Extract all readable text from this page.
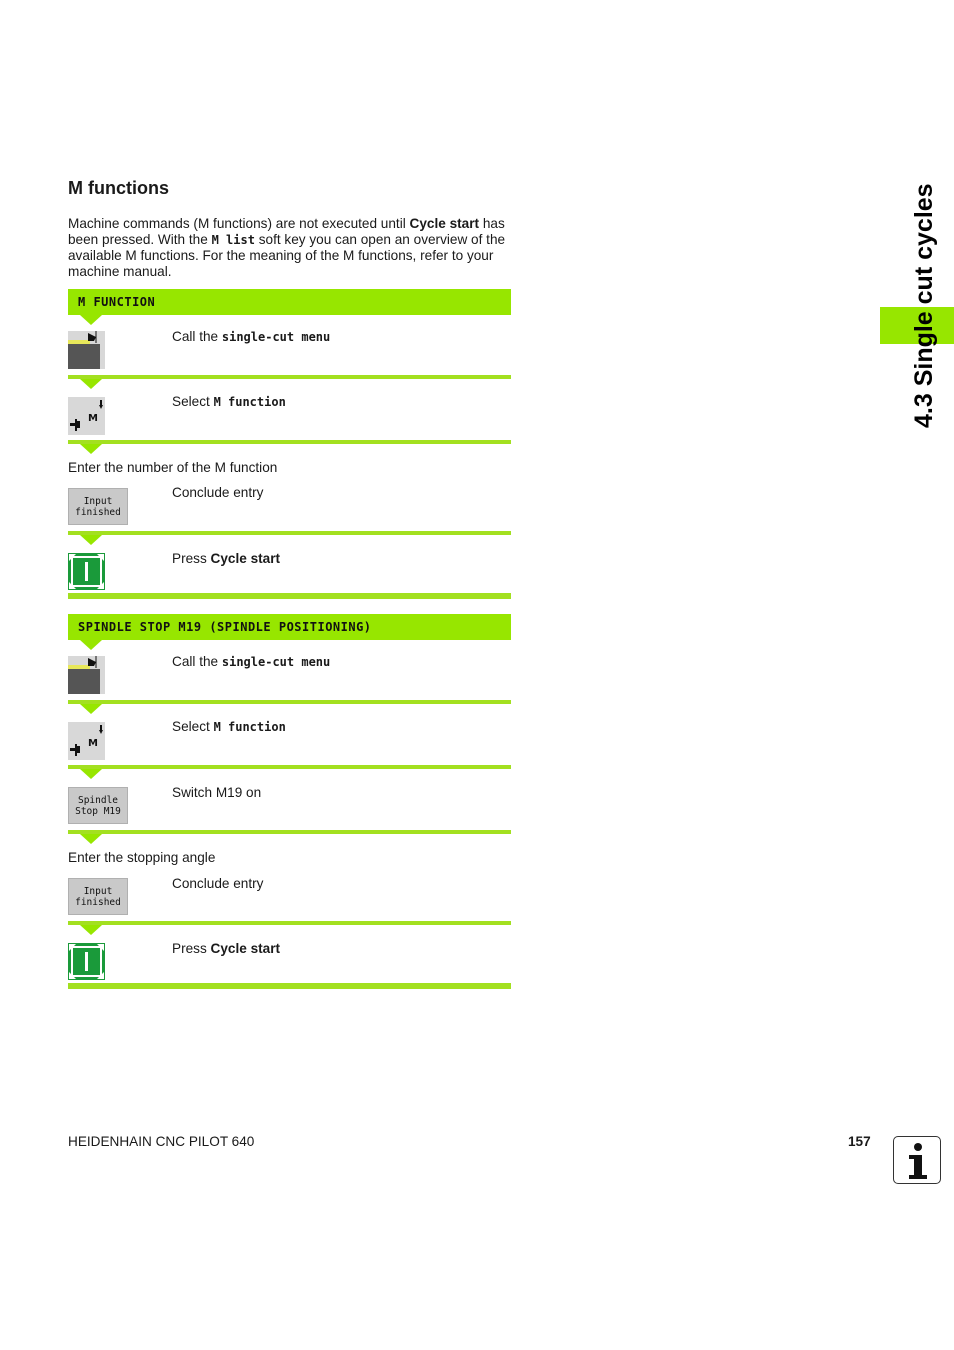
4.3 Single cut cycles
M functions
Machine commands (M functions) are not executed until Cycle start has been pressed. With the M list soft key you can open an overview of the available M functions. For the meaning of the M functions, refer to your machine manual.
M FUNCTION
Call the single-cut menu
M
Select M function
Enter the number of the M function
Input
finished
Conclude entry
Press Cycle start
SPINDLE STOP M19 (SPINDLE POSITIONING)
Call the single-cut menu
M
Select M function
Spindle
Stop M19
Switch M19 on
Enter the stopping angle
Input
finished
Conclude entry
Press Cycle start
HEIDENHAIN CNC PILOT 640	157
